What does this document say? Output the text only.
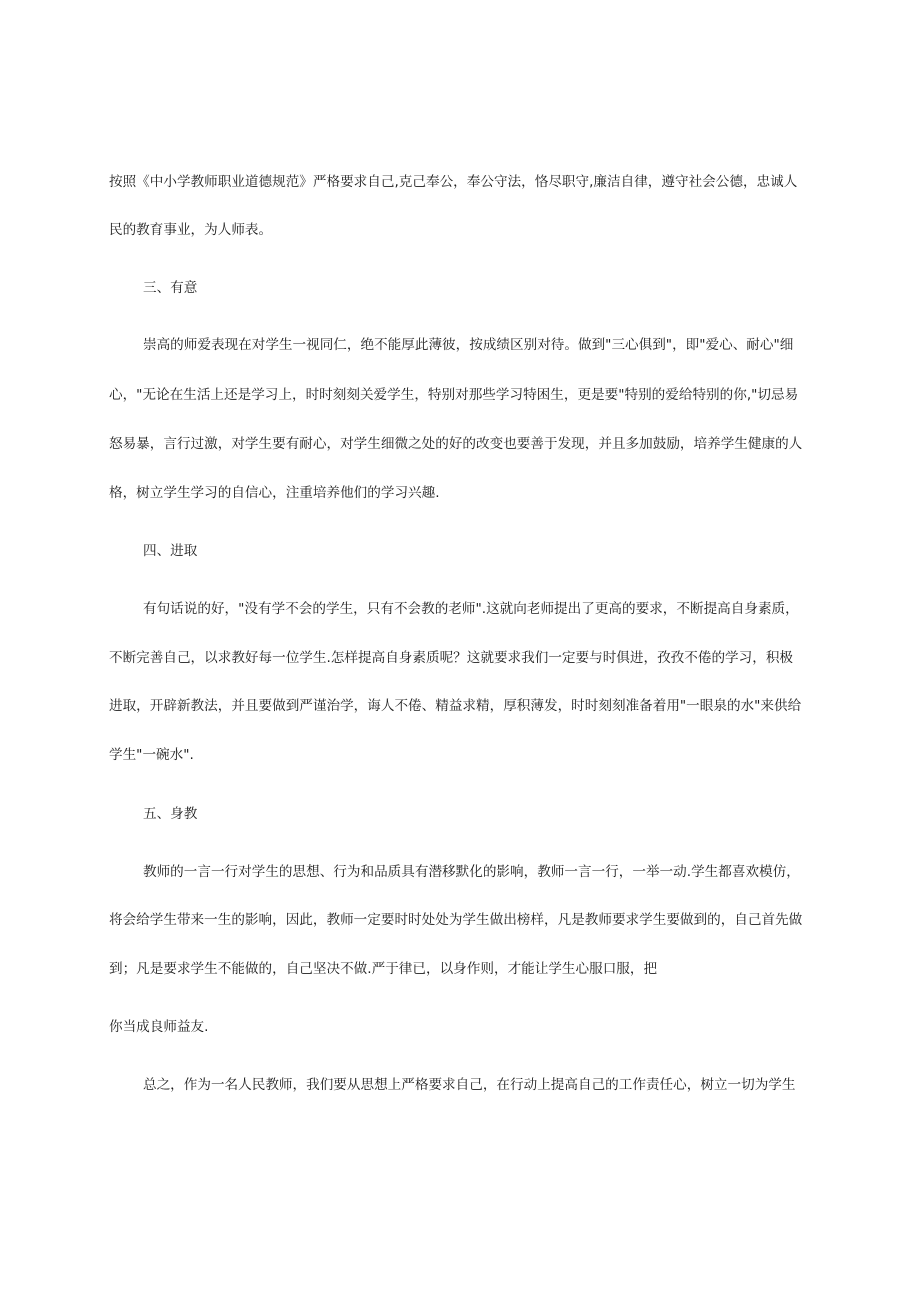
按照《中小学教师职业道德规范》严格要求自己,克己奉公，奉公守法，恪尽职守,廉洁自律，遵守社会公德，忠诚人
民的教育事业，为人师表。
三、有意
崇高的师爱表现在对学生一视同仁，绝不能厚此薄彼，按成绩区别对待。做到"三心俱到"，即"爱心、耐心"细
心，"无论在生活上还是学习上，时时刻刻关爱学生，特别对那些学习特困生，更是要"特别的爱给特别的你,"切忌易
怒易暴，言行过激，对学生要有耐心，对学生细微之处的好的改变也要善于发现，并且多加鼓励，培养学生健康的人
格，树立学生学习的自信心，注重培养他们的学习兴趣.
四、进取
有句话说的好，"没有学不会的学生，只有不会教的老师".这就向老师提出了更高的要求，不断提高自身素质，
不断完善自己，以求教好每一位学生.怎样提高自身素质呢？这就要求我们一定要与时俱进，孜孜不倦的学习，积极
进取，开辟新教法，并且要做到严谨治学，诲人不倦、精益求精，厚积薄发，时时刻刻准备着用"一眼泉的水"来供给
学生"一碗水".
五、身教
教师的一言一行对学生的思想、行为和品质具有潜移默化的影响，教师一言一行，一举一动.学生都喜欢模仿，
将会给学生带来一生的影响，因此，教师一定要时时处处为学生做出榜样，凡是教师要求学生要做到的，自己首先做
到；凡是要求学生不能做的，自己坚决不做.严于律已，以身作则，才能让学生心服口服，把
你当成良师益友.
总之，作为一名人民教师，我们要从思想上严格要求自己，在行动上提高自己的工作责任心，树立一切为学生
